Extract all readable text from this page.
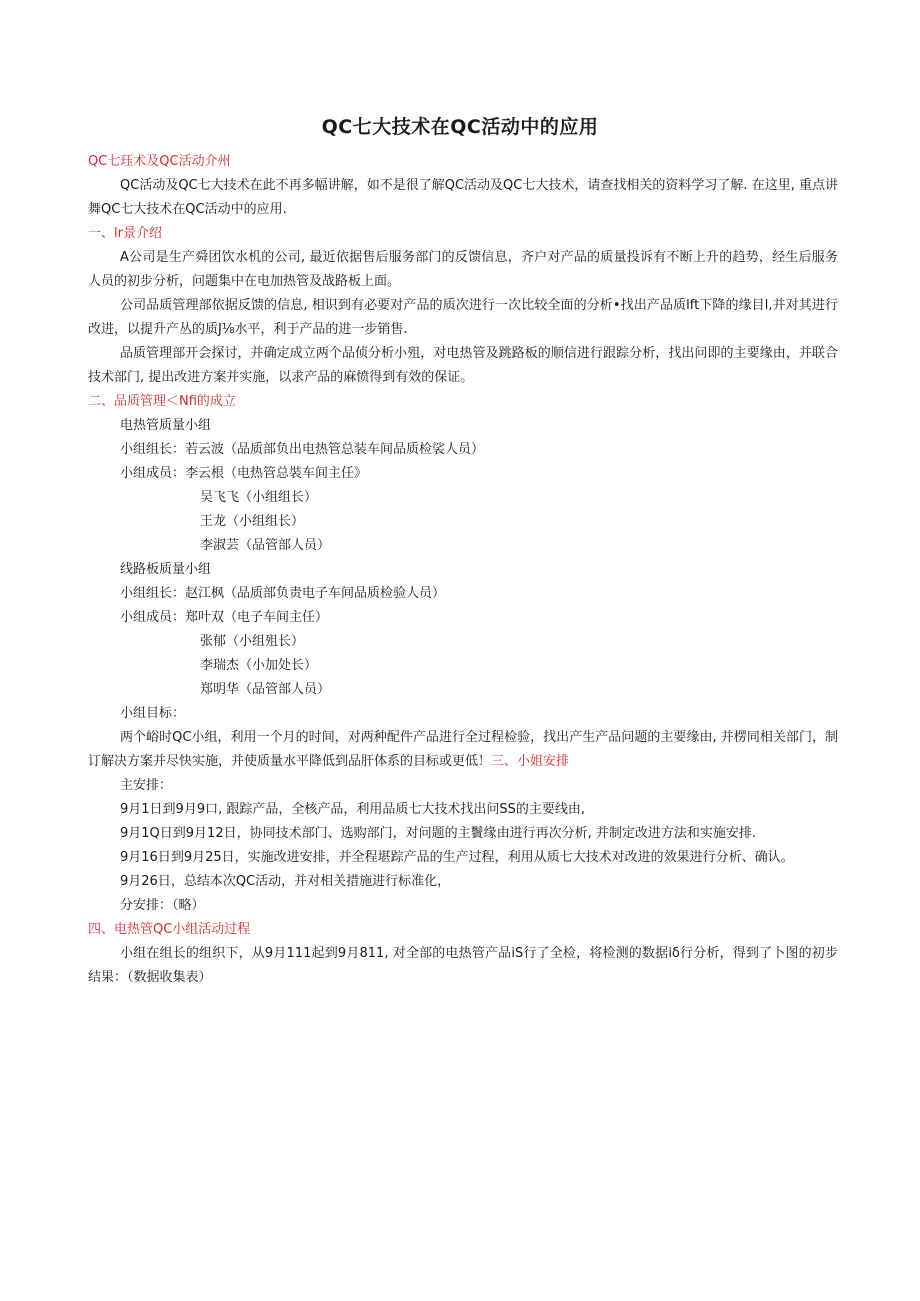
QC七大技术在QC活动中的应用

QC七珏术及QC活动介州

QC活动及QC七大技术在此不再多幅讲解，如不是很了解QC活动及QC七大技术，请查找相关的资料学习了解. 在这里, 重点讲舞QC七大技术在QC活动中的应用.

一、lr景介绍

A公司是生产舜团饮水机的公司, 最近依据售后服务部门的反馈信息，齐户对产品的质量投诉有不断上升的趋势，经生后服务人员的初步分析，问题集中在电加热管及战路板上面。

公司品质管理部依据反馈的信息, 相识到有必要对产品的质次进行一次比较全面的分析•找出产品质lft下降的缘目l,并对其进行改进，以提升产丛的质J⅛水平，利于产品的进一步销售.

品质管理部开会探讨，并确定成立两个品侦分析小殂，对电热管及跳路板的顺信进行跟踪分析，找出问即的主要缘由，并联合技术部门, 提出改进方案并实施，以求产品的麻愤得到有效的保证。

二、品质管理＜Nfi的成立

电热管质量小组

小组组长：若云波（品质部负出电热管总装车间品质检裟人员）

小组成员：李云根（电热管总裝车间主任》

吴飞飞（小组组长）

王龙（小组组长）

李淑芸（品管部人员）

线路板质量小组

小组组长：赵江枫（品质部负责电子车间品质检验人员）

小组成员：郑叶双（电子车间主任）

张郁（小组殂长）

李瑞杰（小加处长）

郑明华（品管部人员）

小组目标：

两个峪时QC小组，利用一个月的时间，对两种配件产品进行全过程检验，找出产生产品问题的主要缘由, 并楞同相关部门，制订解决方案并尽快实施，并使质量水平降低到品肝体系的目标或更低！三、小姐安排

主安排：

9月1日到9月9口, 跟踪产品，全核产品，利用品质七大技术找出问SS的主要线由,

9月1Q日到9月12日，协同技术部门、选购部门，对问题的主鬢缘由进行再次分析, 并制定改进方法和实施安排.

9月16日到9月25日，实施改进安排，并全程堪踪产品的生产过程，利用从质七大技术对改进的效果进行分析、确认。

9月26日，总结本次QC活动，并对相关措施进行标准化，

分安排：（略）

四、电热管QC小组活动过程

小组在组长的组织下，从9月111起到9月811, 对全部的电热管产品iS行了全检，将检测的数据iδ行分析，得到了卜图的初步结果：（数据收集表）
